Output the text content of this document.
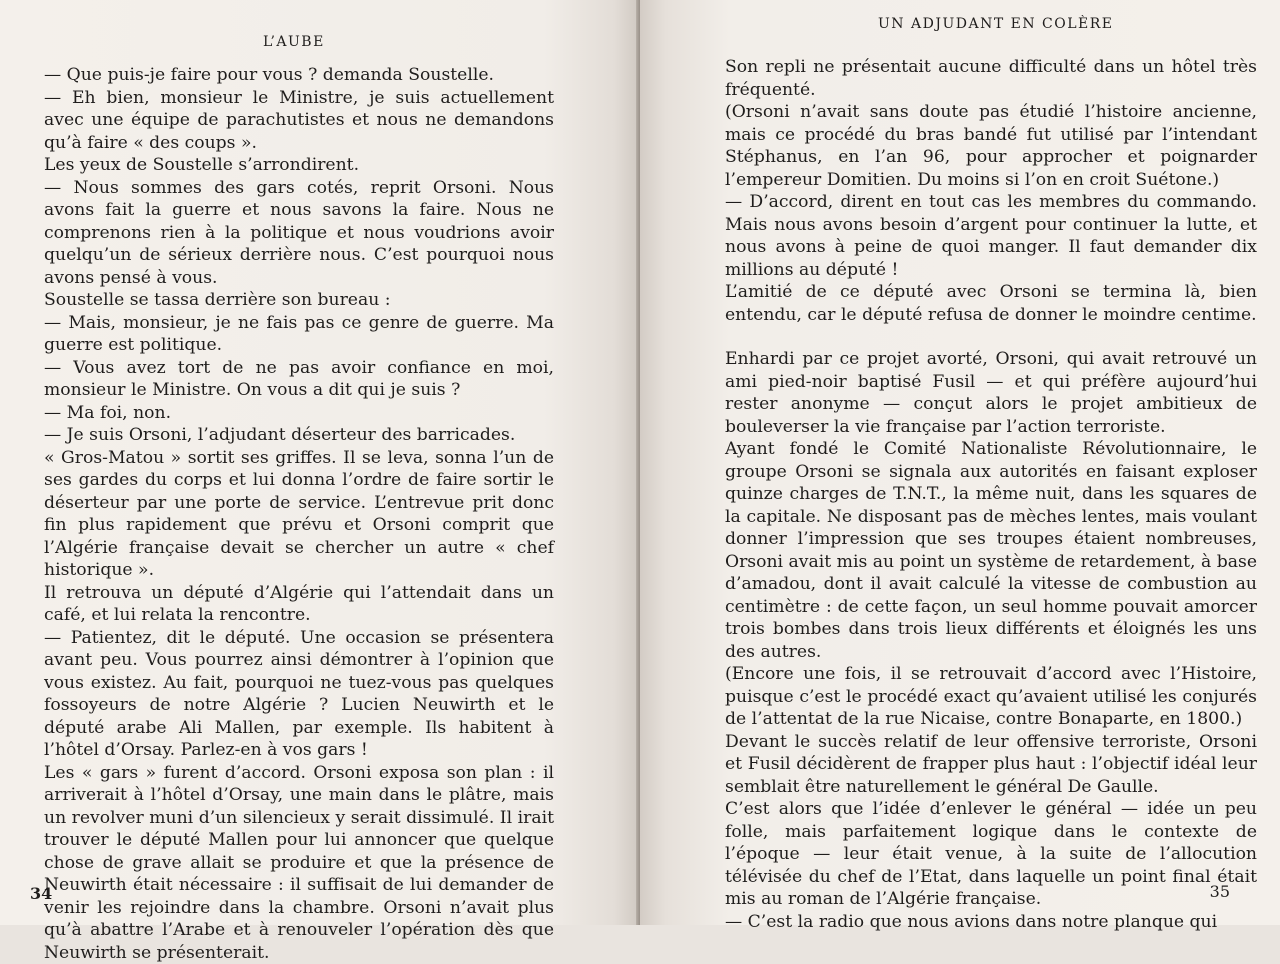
L’AUBE

— Que puis-je faire pour vous ? demanda Soustelle.

— Eh bien, monsieur le Ministre, je suis actuellement avec une équipe de parachutistes et nous ne demandons qu’à faire « des coups ».

Les yeux de Soustelle s’arrondirent.

— Nous sommes des gars cotés, reprit Orsoni. Nous avons fait la guerre et nous savons la faire. Nous ne comprenons rien à la politique et nous voudrions avoir quelqu’un de sérieux derrière nous. C’est pourquoi nous avons pensé à vous.

Soustelle se tassa derrière son bureau :

— Mais, monsieur, je ne fais pas ce genre de guerre. Ma guerre est politique.

— Vous avez tort de ne pas avoir confiance en moi, monsieur le Ministre. On vous a dit qui je suis ?

— Ma foi, non.

— Je suis Orsoni, l’adjudant déserteur des barricades.

« Gros-Matou » sortit ses griffes. Il se leva, sonna l’un de ses gardes du corps et lui donna l’ordre de faire sortir le déserteur par une porte de service. L’entrevue prit donc fin plus rapidement que prévu et Orsoni comprit que l’Algérie française devait se chercher un autre « chef historique ».

Il retrouva un député d’Algérie qui l’attendait dans un café, et lui relata la rencontre.

— Patientez, dit le député. Une occasion se présentera avant peu. Vous pourrez ainsi démontrer à l’opinion que vous existez. Au fait, pourquoi ne tuez-vous pas quelques fossoyeurs de notre Algérie ? Lucien Neuwirth et le député arabe Ali Mallen, par exemple. Ils habitent à l’hôtel d’Orsay. Parlez-en à vos gars !

Les « gars » furent d’accord. Orsoni exposa son plan : il arriverait à l’hôtel d’Orsay, une main dans le plâtre, mais un revolver muni d’un silencieux y serait dissimulé. Il irait trouver le député Mallen pour lui annoncer que quelque chose de grave allait se produire et que la présence de Neuwirth était nécessaire : il suffisait de lui demander de venir les rejoindre dans la chambre. Orsoni n’avait plus qu’à abattre l’Arabe et à renouveler l’opération dès que Neuwirth se présenterait.

34
UN ADJUDANT EN COLÈRE

Son repli ne présentait aucune difficulté dans un hôtel très fréquenté.

(Orsoni n’avait sans doute pas étudié l’histoire ancienne, mais ce procédé du bras bandé fut utilisé par l’intendant Stéphanus, en l’an 96, pour approcher et poignarder l’empereur Domitien. Du moins si l’on en croit Suétone.)

— D’accord, dirent en tout cas les membres du commando. Mais nous avons besoin d’argent pour continuer la lutte, et nous avons à peine de quoi manger. Il faut demander dix millions au député !

L’amitié de ce député avec Orsoni se termina là, bien entendu, car le député refusa de donner le moindre centime.

Enhardi par ce projet avorté, Orsoni, qui avait retrouvé un ami pied-noir baptisé Fusil — et qui préfère aujourd’hui rester anonyme — conçut alors le projet ambitieux de bouleverser la vie française par l’action terroriste.

Ayant fondé le Comité Nationaliste Révolutionnaire, le groupe Orsoni se signala aux autorités en faisant exploser quinze charges de T.N.T., la même nuit, dans les squares de la capitale. Ne disposant pas de mèches lentes, mais voulant donner l’impression que ses troupes étaient nombreuses, Orsoni avait mis au point un système de retardement, à base d’amadou, dont il avait calculé la vitesse de combustion au centimètre : de cette façon, un seul homme pouvait amorcer trois bombes dans trois lieux différents et éloignés les uns des autres.

(Encore une fois, il se retrouvait d’accord avec l’Histoire, puisque c’est le procédé exact qu’avaient utilisé les conjurés de l’attentat de la rue Nicaise, contre Bonaparte, en 1800.)

Devant le succès relatif de leur offensive terroriste, Orsoni et Fusil décidèrent de frapper plus haut : l’objectif idéal leur semblait être naturellement le général De Gaulle.

C’est alors que l’idée d’enlever le général — idée un peu folle, mais parfaitement logique dans le contexte de l’époque — leur était venue, à la suite de l’allocution télévisée du chef de l’Etat, dans laquelle un point final était mis au roman de l’Algérie française.

— C’est la radio que nous avions dans notre planque qui

35
